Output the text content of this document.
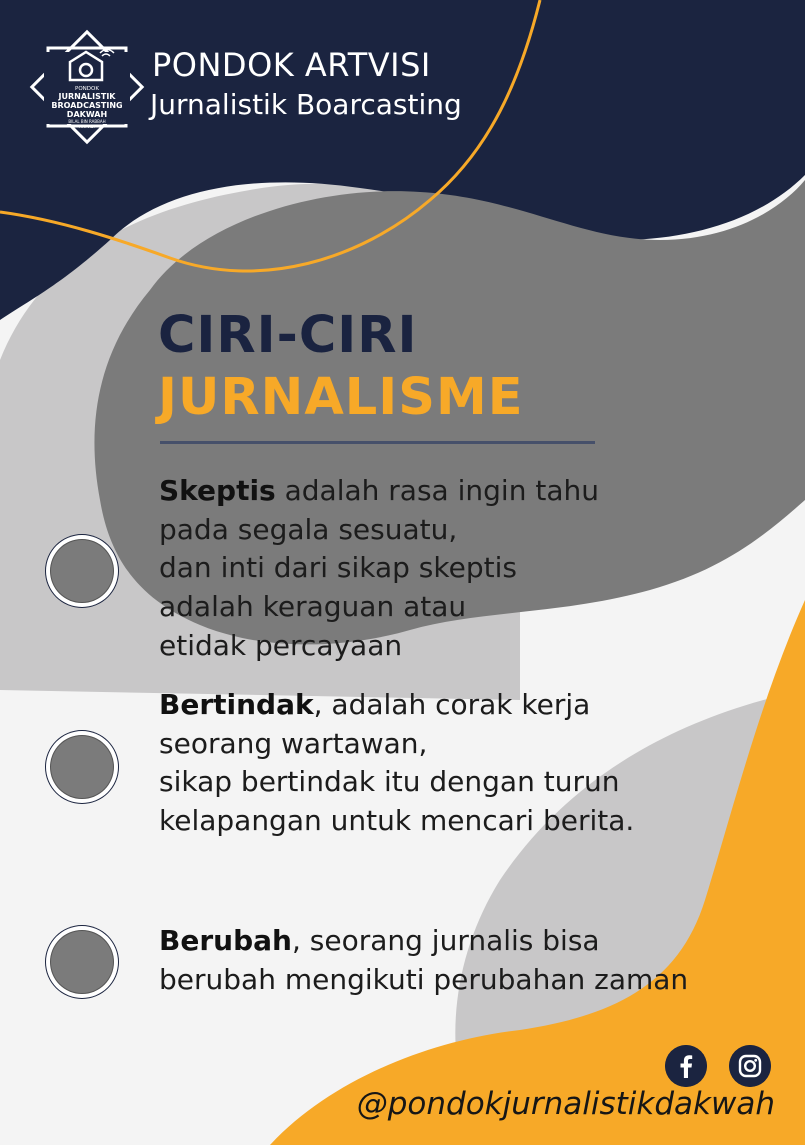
PONDOK
JURNALISTIK
BROADCASTING
DAKWAH
BILAL BIN RABBAH
ARTVISI
PONDOK ARTVISI
Jurnalistik Boarcasting
CIRI-CIRI
JURNALISME
Skeptis adalah rasa ingin tahu
pada segala sesuatu,
dan inti dari sikap skeptis
adalah keraguan atau
etidak percayaan
Bertindak, adalah corak kerja
seorang wartawan,
sikap bertindak itu dengan turun
kelapangan untuk mencari berita.
Berubah, seorang jurnalis bisa
berubah mengikuti perubahan zaman
@pondokjurnalistikdakwah
